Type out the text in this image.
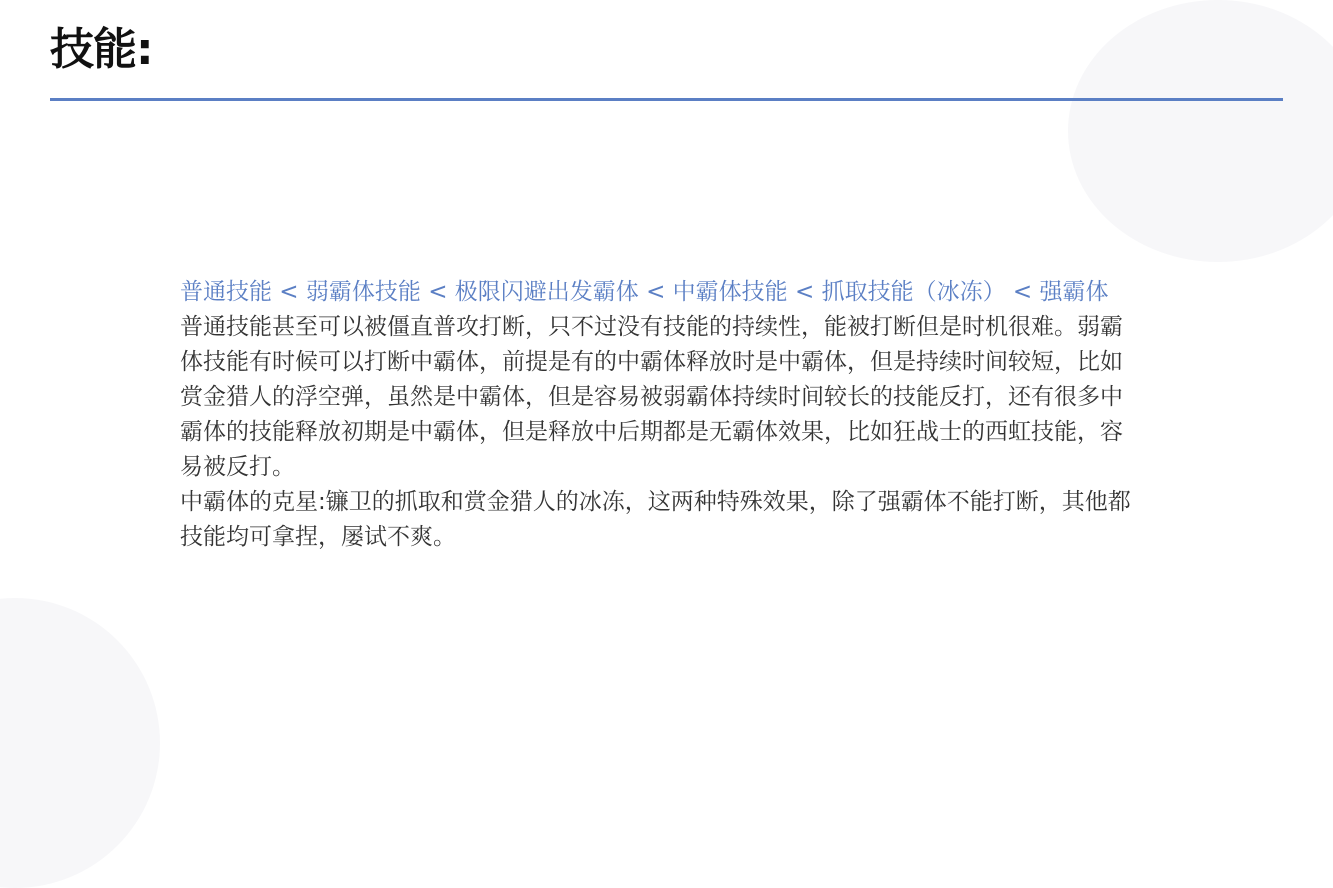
技能:

普通技能 < 弱霸体技能 < 极限闪避出发霸体 < 中霸体技能 < 抓取技能（冰冻） < 强霸体

普通技能甚至可以被僵直普攻打断，只不过没有技能的持续性，能被打断但是时机很难。弱霸体技能有时候可以打断中霸体，前提是有的中霸体释放时是中霸体，但是持续时间较短，比如赏金猎人的浮空弹，虽然是中霸体，但是容易被弱霸体持续时间较长的技能反打，还有很多中霸体的技能释放初期是中霸体，但是释放中后期都是无霸体效果，比如狂战士的西虹技能，容易被反打。

中霸体的克星:镰卫的抓取和赏金猎人的冰冻，这两种特殊效果，除了强霸体不能打断，其他都技能均可拿捏，屡试不爽。
